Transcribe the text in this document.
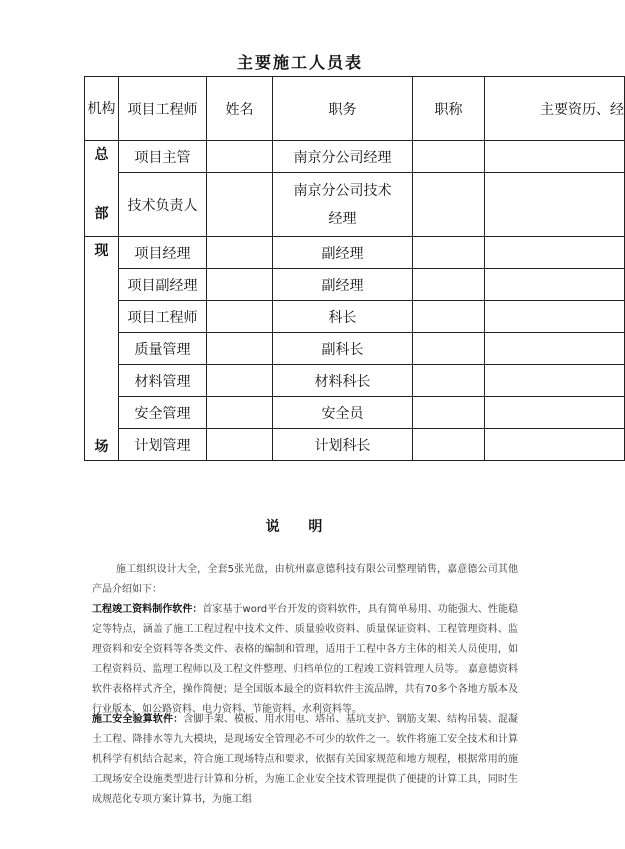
主要施工人员表
机构	项目工程师	姓名	职务	职称	主要资历、经

总
部	项目主管		南京分公司经理		
	技术负责人		南京分公司技术经理		

现
场	项目经理		副经理		
	项目副经理		副经理		
	项目工程师		科长		
	质量管理		副科长		
	材料管理		材料科长		
	安全管理		安全员		
	计划管理		计划科长		
说 明
施工组织设计大全，全套5张光盘，由杭州嘉意德科技有限公司整理销售，嘉意德公司其他产品介绍如下：
工程竣工资料制作软件：首家基于word平台开发的资料软件，具有简单易用、功能强大、性能稳定等特点，涵盖了施工工程过程中技术文件、质量验收资料、质量保证资料、工程管理资料、监理资料和安全资料等各类文件、表格的编制和管理，适用于工程中各方主体的相关人员使用，如工程资料员、监理工程师以及工程文件整理、归档单位的工程竣工资料管理人员等。 嘉意德资料软件表格样式齐全，操作简便；是全国版本最全的资料软件主流品牌，共有70多个各地方版本及行业版本，如公路资料、电力资料、节能资料、水利资料等。
施工安全验算软件：含脚手架、模板、用水用电、塔吊、基坑支护、钢筋支架、结构吊装、混凝土工程、降排水等九大模块，是现场安全管理必不可少的软件之一。软件将施工安全技术和计算机科学有机结合起来，符合施工现场特点和要求，依据有关国家规范和地方规程，根据常用的施工现场安全设施类型进行计算和分析，为施工企业安全技术管理提供了便捷的计算工具，同时生成规范化专项方案计算书，为施工组
